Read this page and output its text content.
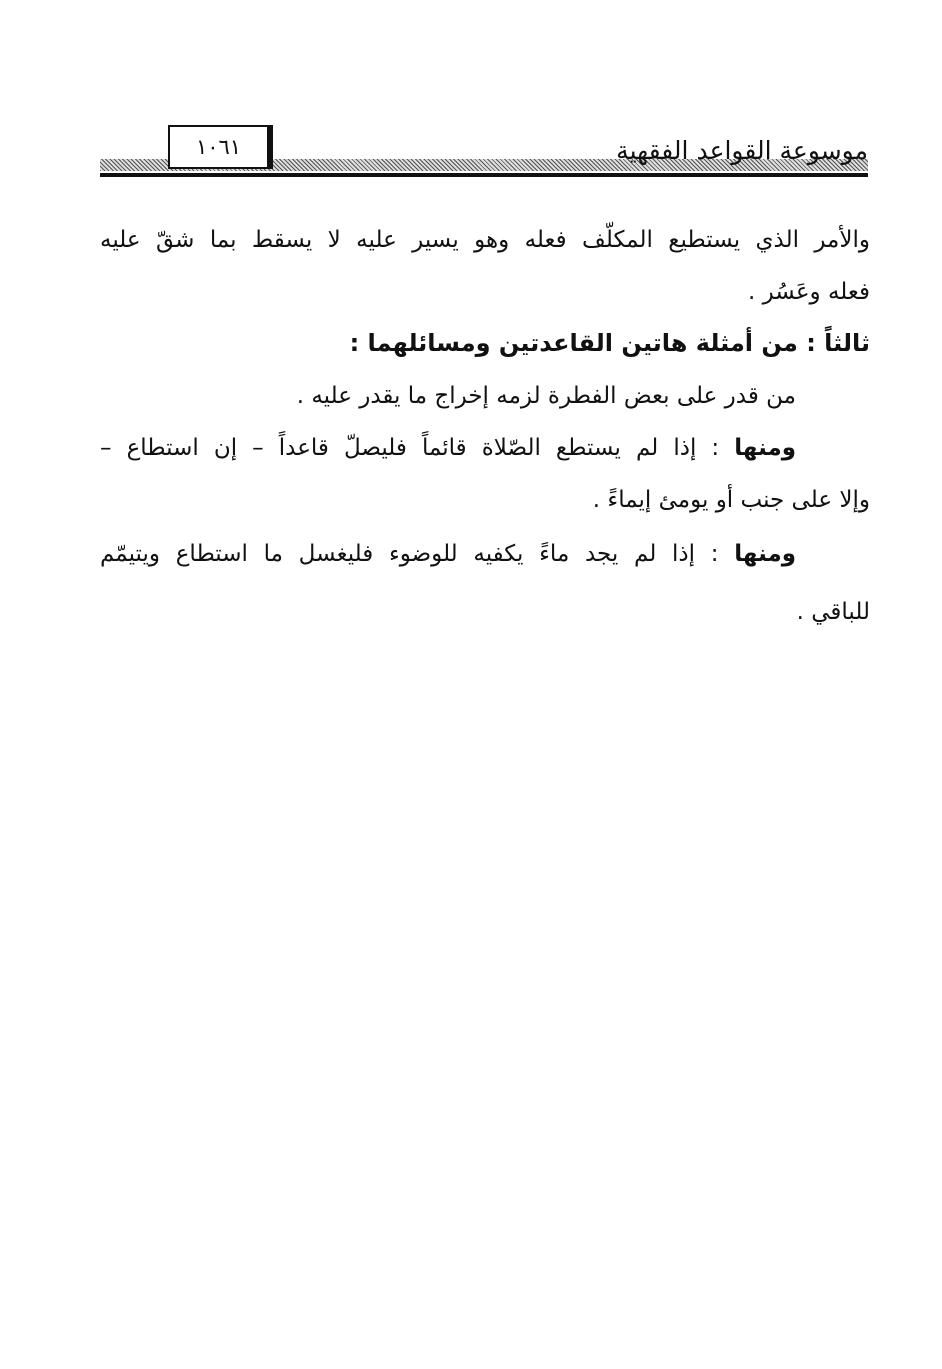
١٠٦١	موسوعة القواعد الفقهية
والأمر الذي يستطيع المكلّف فعله وهو يسير عليه لا يسقط بما شقّ عليه
فعله وعَسُر .
ثالثاً : من أمثلة هاتين القاعدتين ومسائلهما :
من قدر على بعض الفطرة لزمه إخراج ما يقدر عليه .
ومنها : إذا لم يستطع الصّلاة قائماً فليصلّ قاعداً – إن استطاع –
وإلا على جنب أو يومئ إيماءً .
ومنها : إذا لم يجد ماءً يكفيه للوضوء فليغسل ما استطاع ويتيمّم
للباقي .
